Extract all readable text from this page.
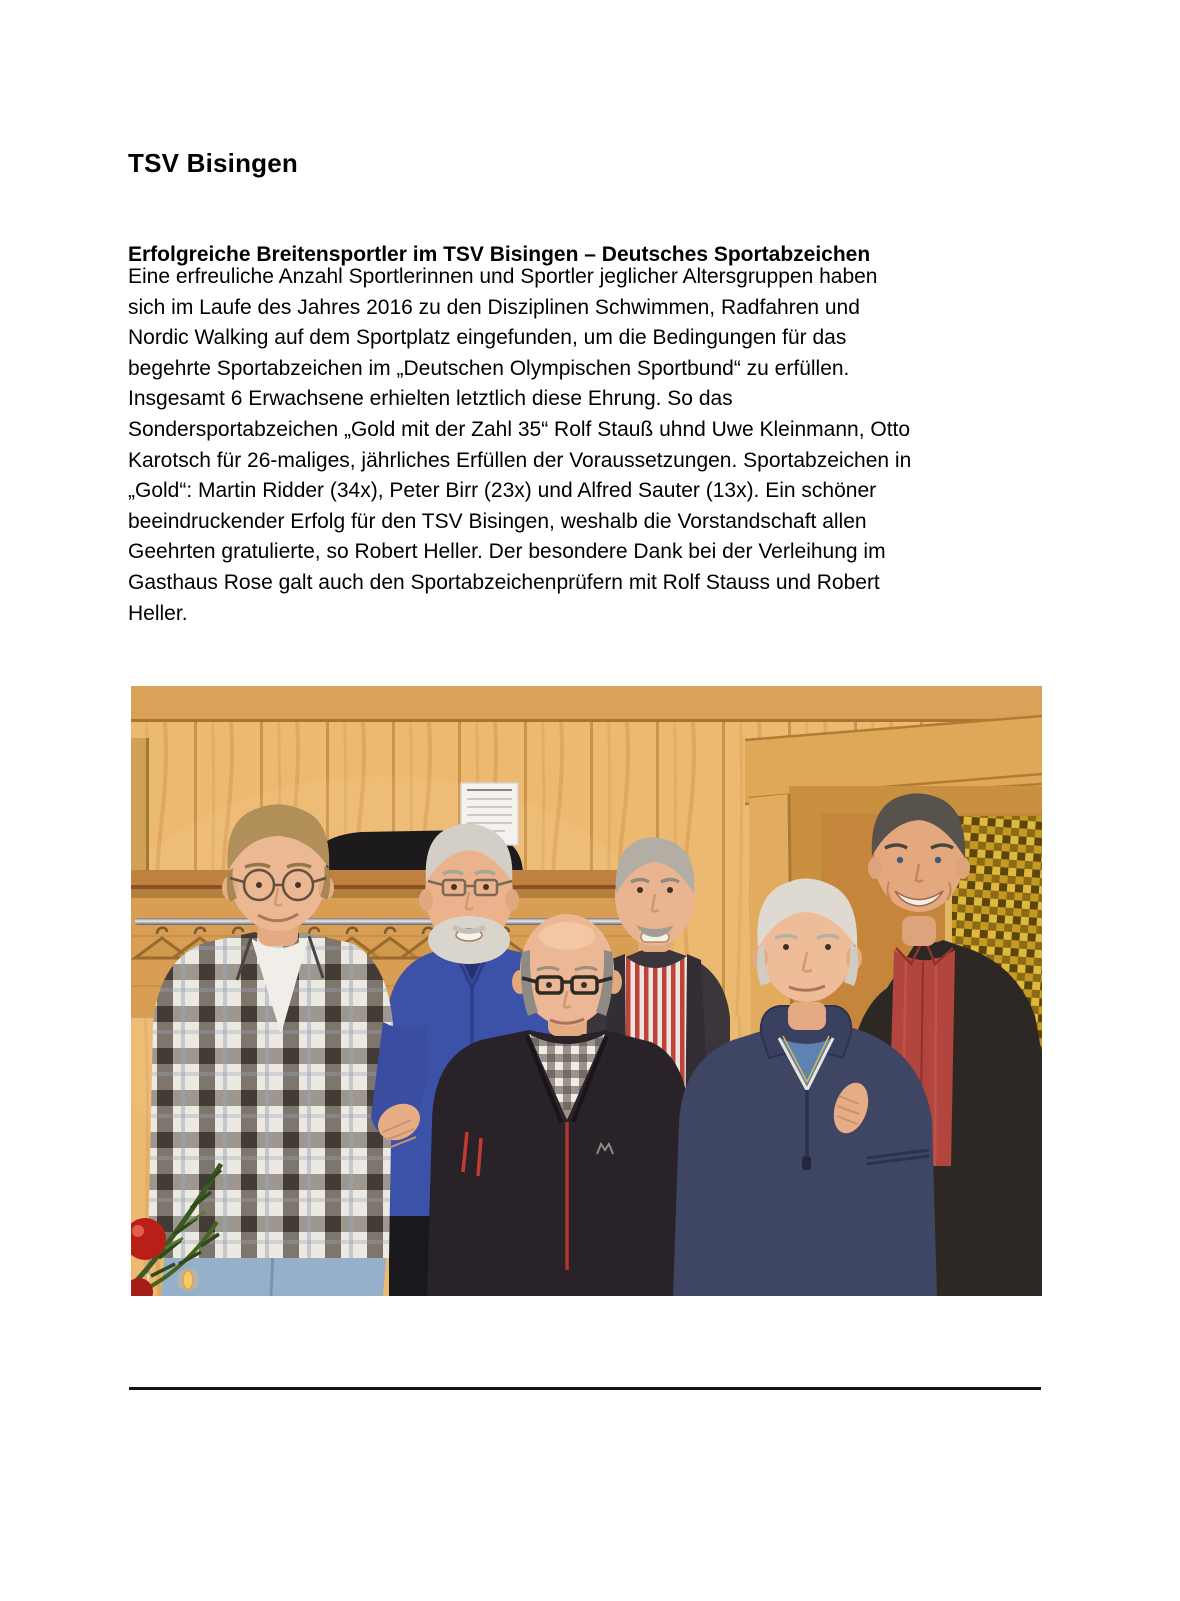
TSV Bisingen
Erfolgreiche Breitensportler im TSV Bisingen – Deutsches Sportabzeichen
Eine erfreuliche Anzahl Sportlerinnen und Sportler jeglicher Altersgruppen haben
sich im Laufe des Jahres 2016 zu den Disziplinen Schwimmen, Radfahren und
Nordic Walking auf dem Sportplatz eingefunden, um die Bedingungen für das
begehrte Sportabzeichen im „Deutschen Olympischen Sportbund“ zu erfüllen.
Insgesamt 6 Erwachsene erhielten letztlich diese Ehrung. So das
Sondersportabzeichen „Gold mit der Zahl 35“ Rolf Stauß uhnd Uwe Kleinmann, Otto
Karotsch für 26-maliges, jährliches Erfüllen der Voraussetzungen. Sportabzeichen in
„Gold“: Martin Ridder (34x), Peter Birr (23x) und Alfred Sauter (13x). Ein schöner
beeindruckender Erfolg für den TSV Bisingen, weshalb die Vorstandschaft allen
Geehrten gratulierte, so Robert Heller. Der besondere Dank bei der Verleihung im
Gasthaus Rose galt auch den Sportabzeichenprüfern mit Rolf Stauss und Robert
Heller.
